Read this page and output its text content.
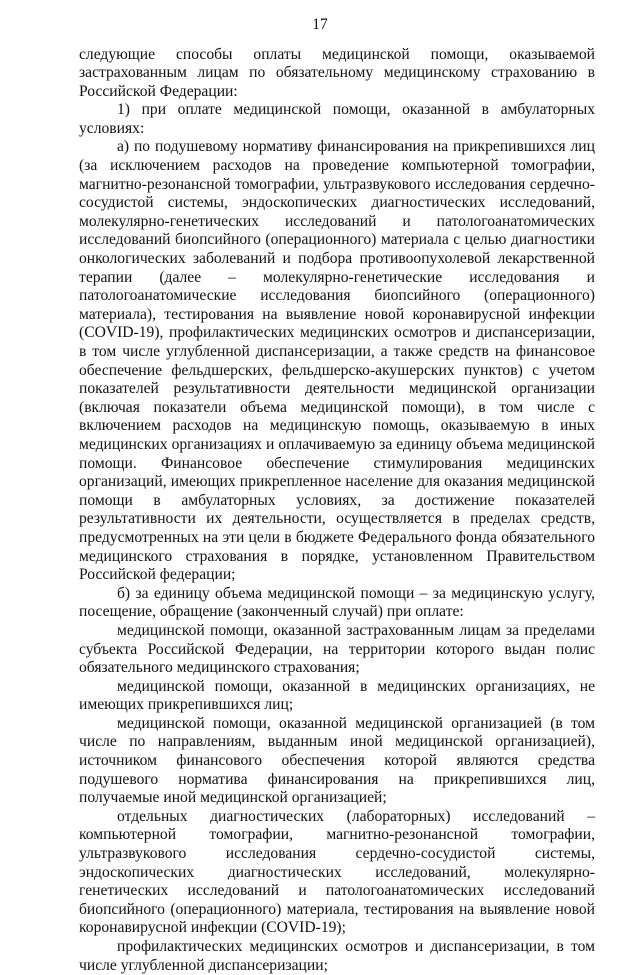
17

следующие способы оплаты медицинской помощи, оказываемой застрахованным лицам по обязательному медицинскому страхованию в Российской Федерации:

1) при оплате медицинской помощи, оказанной в амбулаторных условиях:

а) по подушевому нормативу финансирования на прикрепившихся лиц (за исключением расходов на проведение компьютерной томографии, магнитно-резонансной томографии, ультразвукового исследования сердечно-сосудистой системы, эндоскопических диагностических исследований, молекулярно-генетических исследований и патологоанатомических исследований биопсийного (операционного) материала с целью диагностики онкологических заболеваний и подбора противоопухолевой лекарственной терапии (далее – молекулярно-генетические исследования и патологоанатомические исследования биопсийного (операционного) материала), тестирования на выявление новой коронавирусной инфекции (COVID-19), профилактических медицинских осмотров и диспансеризации, в том числе углубленной диспансеризации, а также средств на финансовое обеспечение фельдшерских, фельдшерско-акушерских пунктов) с учетом показателей результативности деятельности медицинской организации (включая показатели объема медицинской помощи), в том числе с включением расходов на медицинскую помощь, оказываемую в иных медицинских организациях и оплачиваемую за единицу объема медицинской помощи. Финансовое обеспечение стимулирования медицинских организаций, имеющих прикрепленное население для оказания медицинской помощи в амбулаторных условиях, за достижение показателей результативности их деятельности, осуществляется в пределах средств, предусмотренных на эти цели в бюджете Федерального фонда обязательного медицинского страхования в порядке, установленном Правительством Российской федерации;

б) за единицу объема медицинской помощи – за медицинскую услугу, посещение, обращение (законченный случай) при оплате:

медицинской помощи, оказанной застрахованным лицам за пределами субъекта Российской Федерации, на территории которого выдан полис обязательного медицинского страхования;

медицинской помощи, оказанной в медицинских организациях, не имеющих прикрепившихся лиц;

медицинской помощи, оказанной медицинской организацией (в том числе по направлениям, выданным иной медицинской организацией), источником финансового обеспечения которой являются средства подушевого норматива финансирования на прикрепившихся лиц, получаемые иной медицинской организацией;

отдельных диагностических (лабораторных) исследований – компьютерной томографии, магнитно-резонансной томографии, ультразвукового исследования сердечно-сосудистой системы, эндоскопических диагностических исследований, молекулярно-генетических исследований и патологоанатомических исследований биопсийного (операционного) материала, тестирования на выявление новой коронавирусной инфекции (COVID-19);

профилактических медицинских осмотров и диспансеризации, в том числе углубленной диспансеризации;
